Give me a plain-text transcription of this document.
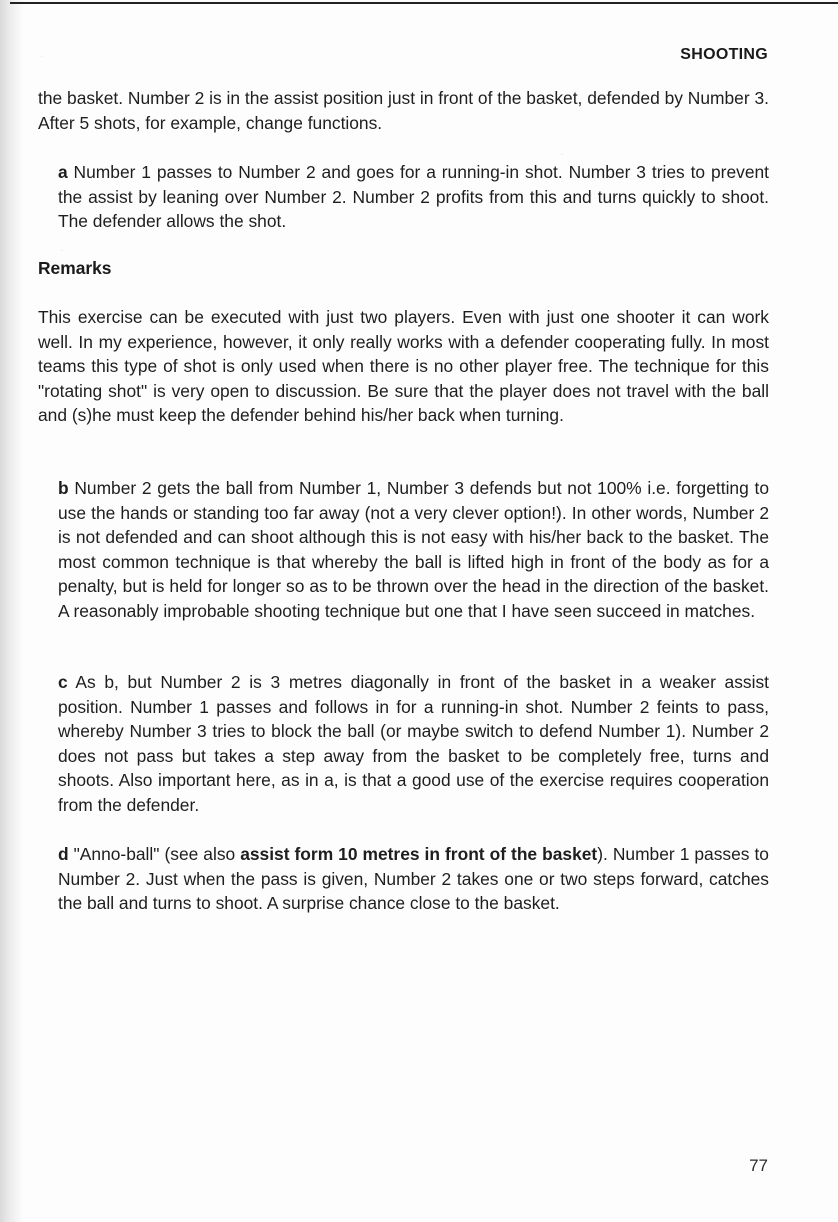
.
.
.
SHOOTING

the basket. Number 2 is in the assist position just in front of the basket, defended by Number 3. After 5 shots, for example, change functions.

a Number 1 passes to Number 2 and goes for a running-in shot. Number 3 tries to prevent the assist by leaning over Number 2. Number 2 profits from this and turns quickly to shoot. The defender allows the shot.

Remarks

This exercise can be executed with just two players. Even with just one shooter it can work well. In my experience, however, it only really works with a defender cooperating fully. In most teams this type of shot is only used when there is no other player free. The technique for this "rotating shot" is very open to discussion. Be sure that the player does not travel with the ball and (s)he must keep the defender behind his/her back when turning.

b Number 2 gets the ball from Number 1, Number 3 defends but not 100% i.e. forgetting to use the hands or standing too far away (not a very clever option!). In other words, Number 2 is not defended and can shoot although this is not easy with his/her back to the basket. The most common technique is that whereby the ball is lifted high in front of the body as for a penalty, but is held for longer so as to be thrown over the head in the direction of the basket. A reasonably improbable shooting technique but one that I have seen succeed in matches.

c As b, but Number 2 is 3 metres diagonally in front of the basket in a weaker assist position. Number 1 passes and follows in for a running-in shot. Number 2 feints to pass, whereby Number 3 tries to block the ball (or maybe switch to defend Number 1). Number 2 does not pass but takes a step away from the basket to be completely free, turns and shoots. Also important here, as in a, is that a good use of the exercise requires cooperation from the defender.

d "Anno-ball" (see also assist form 10 metres in front of the basket). Number 1 passes to Number 2. Just when the pass is given, Number 2 takes one or two steps forward, catches the ball and turns to shoot. A surprise chance close to the basket.

77
